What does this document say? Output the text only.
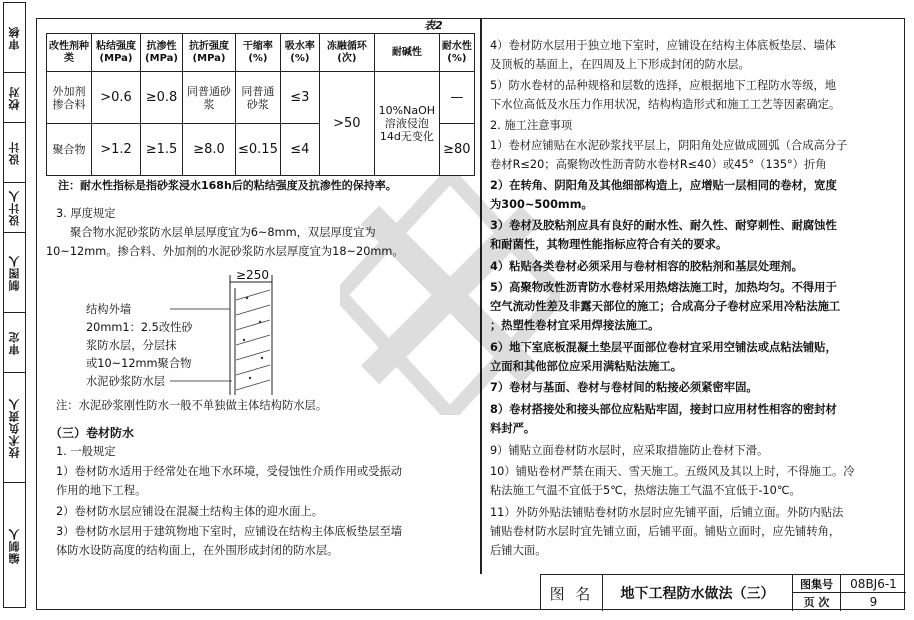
审核
校对
设计
设计人
制图人
审定
技术负责人
编制人
表2
改性剂种类	粘结强度(MPa)	抗渗性(MPa)	抗折强度(MPa)	干缩率(%)	吸水率(%)	冻融循环(次)	耐碱性	耐水性(%)
外加剂掺合料	>0.6	≥0.8	同普通砂浆	同普通砂浆	≤3	>50	10%NaOH溶液侵泡14d无变化	—
聚合物	>1.2	≥1.5	≥8.0	≤0.15	≤4			≥80
注：耐水性指标是指砂浆浸水168h后的粘结强度及抗渗性的保持率。
3. 厚度规定
聚合物水泥砂浆防水层单层厚度宜为6~8mm，双层厚度宜为
10~12mm。掺合料、外加剂的水泥砂浆防水层厚度宜为18~20mm。
≥250
结构外墙
20mm1：2.5改性砂
浆防水层，分层抹
或10~12mm聚合物
水泥砂浆防水层
注：水泥砂浆刚性防水一般不单独做主体结构防水层。
（三）卷材防水
1. 一般规定
1）卷材防水适用于经常处在地下水环境，受侵蚀性介质作用或受振动
作用的地下工程。
2）卷材防水层应铺设在混凝土结构主体的迎水面上。
3）卷材防水层用于建筑物地下室时，应铺设在结构主体底板垫层至墙
体防水设防高度的结构面上，在外围形成封闭的防水层。
4）卷材防水层用于独立地下室时，应铺设在结构主体底板垫层、墙体
及顶板的基面上，在四周及上下形成封闭的防水层。
5）防水卷材的品种规格和层数的选择，应根据地下工程防水等级，地
下水位高低及水压力作用状况，结构构造形式和施工工艺等因素确定。
2. 施工注意事项
1）卷材应铺贴在水泥砂浆找平层上，阴阳角处应做成圆弧（合成高分子
卷材R≤20；高聚物改性沥青防水卷材R≤40）或45°（135°）折角
2）在转角、阴阳角及其他细部构造上，应增贴一层相同的卷材，宽度
为300~500mm。
3）卷材及胶粘剂应具有良好的耐水性、耐久性、耐穿刺性、耐腐蚀性
和耐菌性，其物理性能指标应符合有关的要求。
4）粘贴各类卷材必须采用与卷材相容的胶粘剂和基层处理剂。
5）高聚物改性沥青防水卷材采用热熔法施工时，加热均匀。不得用于
空气流动性差及非露天部位的施工；合成高分子卷材应采用冷粘法施工
；热塑性卷材宜采用焊接法施工。
6）地下室底板混凝土垫层平面部位卷材宜采用空铺法或点粘法铺贴，
立面和其他部位应采用满粘贴法施工。
7）卷材与基面、卷材与卷材间的粘接必须紧密牢固。
8）卷材搭接处和接头部位应粘贴牢固，接封口应用材性相容的密封材
料封严。
9）铺贴立面卷材防水层时，应采取措施防止卷材下滑。
10）铺贴卷材严禁在雨天、雪天施工。五级风及其以上时，不得施工。冷
粘法施工气温不宜低于5℃，热熔法施工气温不宜低于-10℃。
11）外防外贴法铺贴卷材防水层时应先铺平面，后铺立面。外防内贴法
铺贴卷材防水层时宜先铺立面，后铺平面。铺贴立面时，应先铺转角，
后铺大面。
图 名	地下工程防水做法（三）
图集号	08BJ6-1
页 次	9
